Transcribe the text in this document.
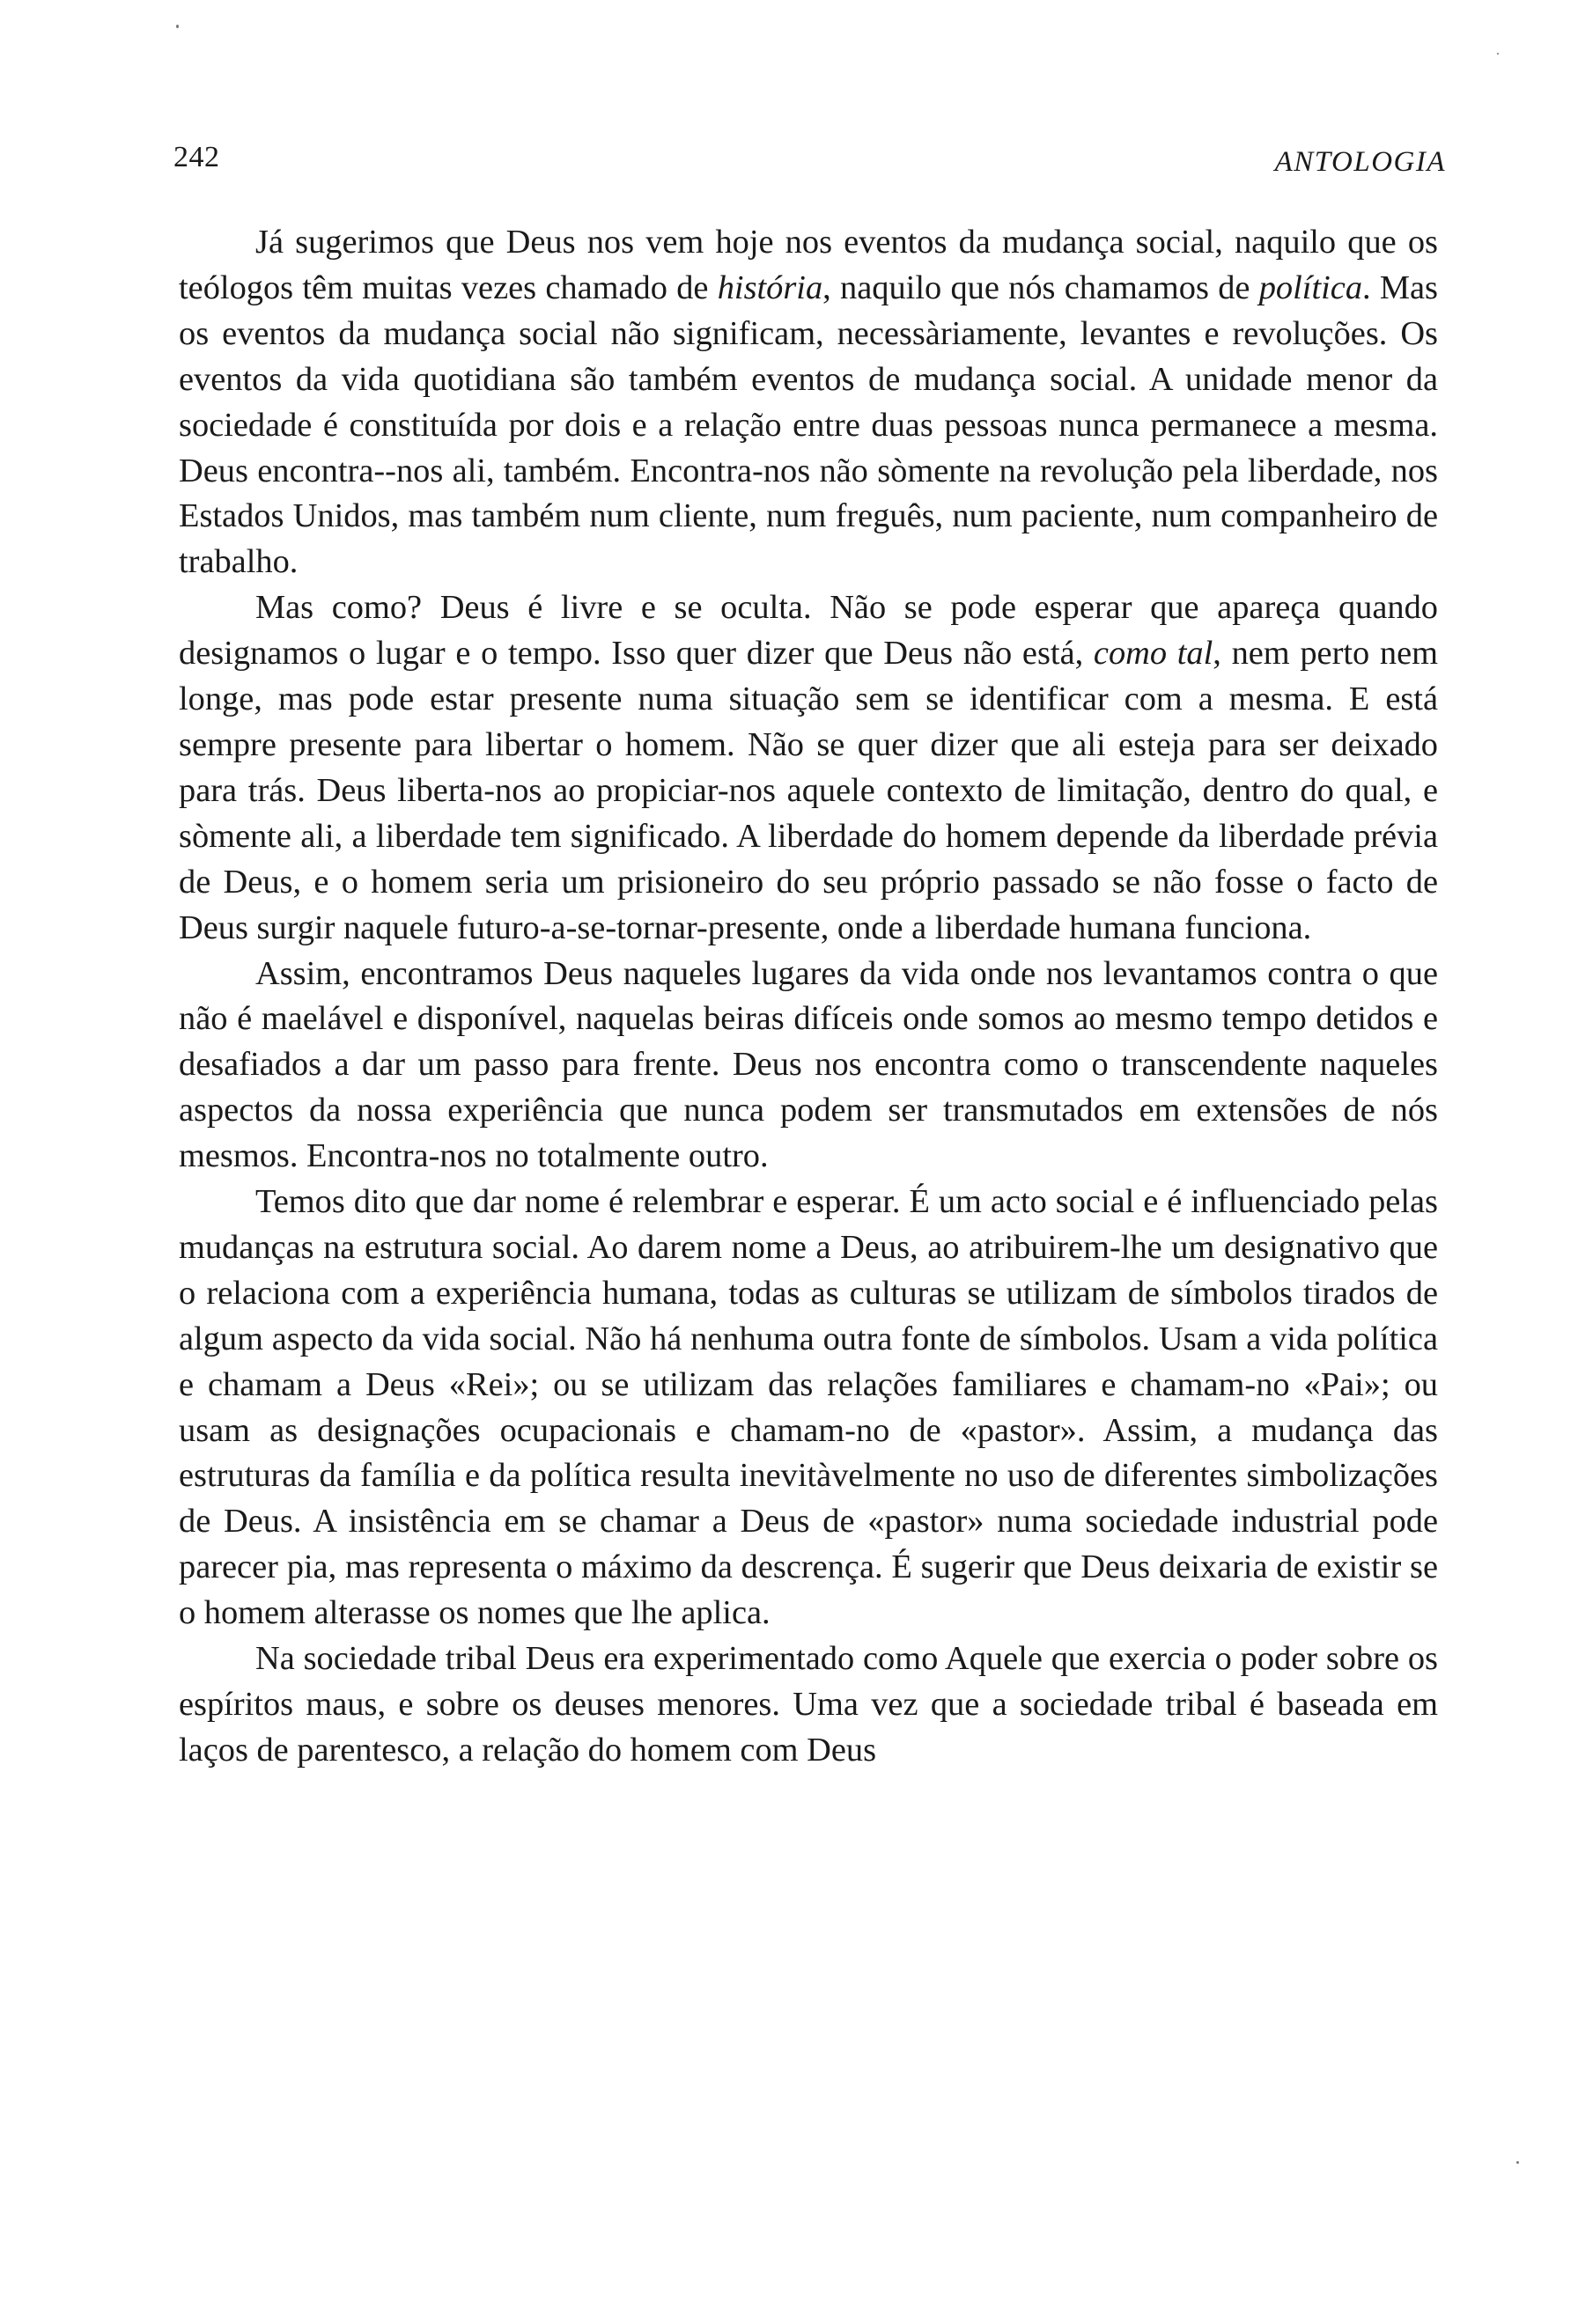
242	ANTOLOGIA

Já sugerimos que Deus nos vem hoje nos eventos da mudança social, naquilo que os teólogos têm muitas vezes chamado de história, naquilo que nós chamamos de política. Mas os eventos da mudança social não significam, necessàriamente, levantes e revoluções. Os eventos da vida quotidiana são também eventos de mudança social. A unidade menor da sociedade é constituída por dois e a relação entre duas pessoas nunca permanece a mesma. Deus encontra-⁠-nos ali, também. Encontra-nos não sòmente na revolução pela liberdade, nos Estados Unidos, mas também num cliente, num freguês, num paciente, num companheiro de trabalho.

Mas como? Deus é livre e se oculta. Não se pode esperar que apareça quando designamos o lugar e o tempo. Isso quer dizer que Deus não está, como tal, nem perto nem longe, mas pode estar presente numa situação sem se identificar com a mesma. E está sempre presente para libertar o homem. Não se quer dizer que ali esteja para ser deixado para trás. Deus liberta-nos ao propiciar-nos aquele contexto de limitação, dentro do qual, e sòmente ali, a liberdade tem significado. A liberdade do homem depende da liberdade prévia de Deus, e o homem seria um prisioneiro do seu próprio passado se não fosse o facto de Deus surgir naquele futuro-a-se-tornar-presente, onde a liberdade humana funciona.

Assim, encontramos Deus naqueles lugares da vida onde nos levantamos contra o que não é maelável e disponível, naquelas beiras difíceis onde somos ao mesmo tempo detidos e desafiados a dar um passo para frente. Deus nos encontra como o transcendente naqueles aspectos da nossa experiência que nunca podem ser transmutados em extensões de nós mesmos. Encontra-nos no totalmente outro.

Temos dito que dar nome é relembrar e esperar. É um acto social e é influenciado pelas mudanças na estrutura social. Ao darem nome a Deus, ao atribuirem-lhe um designativo que o relaciona com a experiência humana, todas as culturas se utilizam de símbolos tirados de algum aspecto da vida social. Não há nenhuma outra fonte de símbolos. Usam a vida política e chamam a Deus «Rei»; ou se utilizam das relações familiares e chamam-no «Pai»; ou usam as designações ocupacionais e chamam-no de «pastor». Assim, a mudança das estruturas da família e da política resulta inevitàvelmente no uso de diferentes simbolizações de Deus. A insistência em se chamar a Deus de «pastor» numa sociedade industrial pode parecer pia, mas representa o máximo da descrença. É sugerir que Deus deixaria de existir se o homem alterasse os nomes que lhe aplica.

Na sociedade tribal Deus era experimentado como Aquele que exercia o poder sobre os espíritos maus, e sobre os deuses menores. Uma vez que a sociedade tribal é baseada em laços de parentesco, a relação do homem com Deus
